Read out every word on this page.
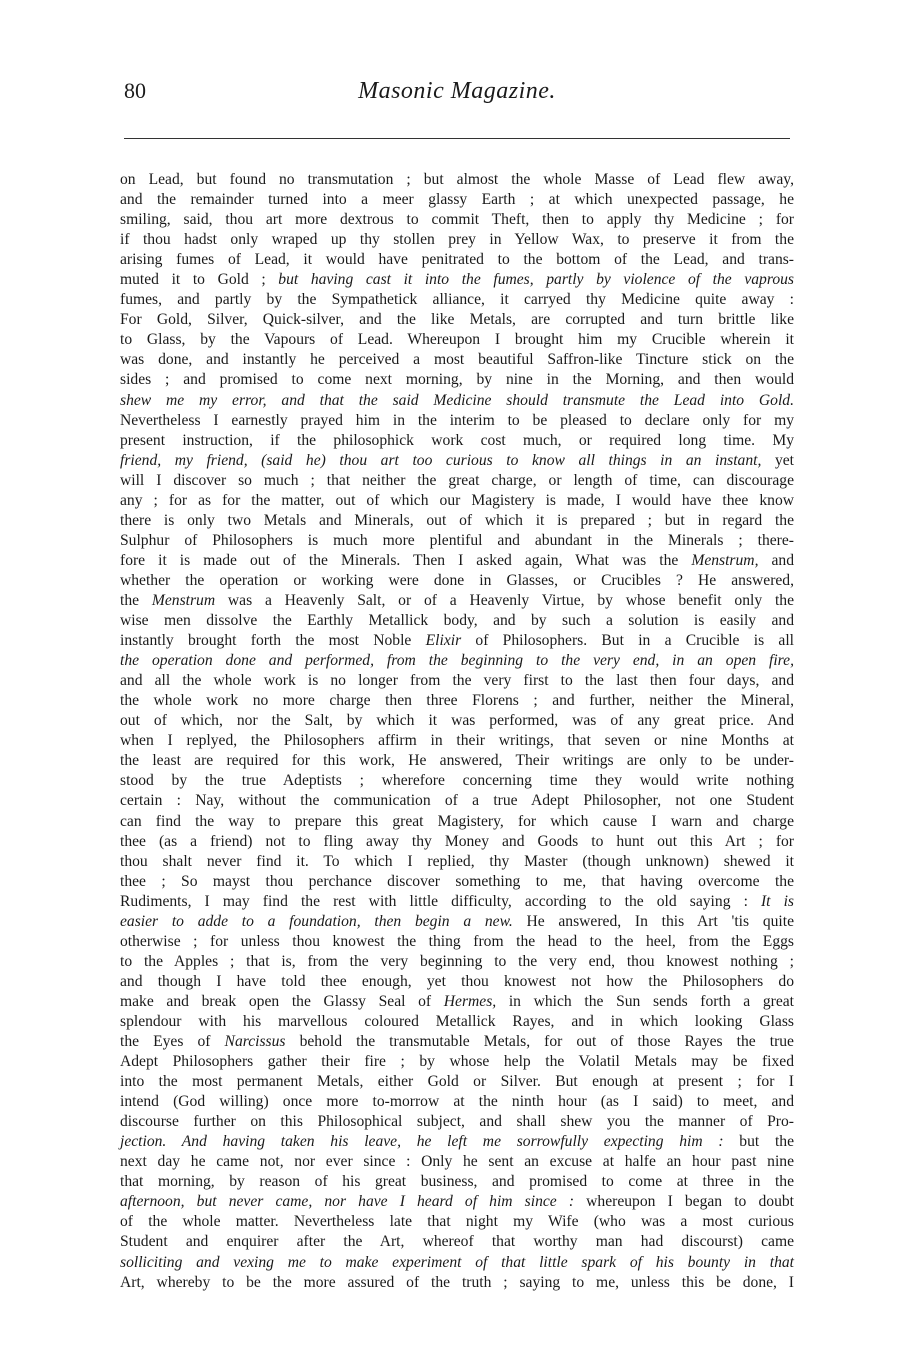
80	Masonic Magazine.
on Lead, but found no transmutation ; but almost the whole Masse of Lead flew away,
and the remainder turned into a meer glassy Earth ; at which unexpected passage, he
smiling, said, thou art more dextrous to commit Theft, then to apply thy Medicine ; for
if thou hadst only wraped up thy stollen prey in Yellow Wax, to preserve it from the
arising fumes of Lead, it would have penitrated to the bottom of the Lead, and trans-
muted it to Gold ; but having cast it into the fumes, partly by violence of the vaprous
fumes, and partly by the Sympathetick alliance, it carryed thy Medicine quite away :
For Gold, Silver, Quick-silver, and the like Metals, are corrupted and turn brittle like
to Glass, by the Vapours of Lead. Whereupon I brought him my Crucible wherein it
was done, and instantly he perceived a most beautiful Saffron-like Tincture stick on the
sides ; and promised to come next morning, by nine in the Morning, and then would
shew me my error, and that the said Medicine should transmute the Lead into Gold.
Nevertheless I earnestly prayed him in the interim to be pleased to declare only for my
present instruction, if the philosophick work cost much, or required long time. My
friend, my friend, (said he) thou art too curious to know all things in an instant, yet
will I discover so much ; that neither the great charge, or length of time, can discourage
any ; for as for the matter, out of which our Magistery is made, I would have thee know
there is only two Metals and Minerals, out of which it is prepared ; but in regard the
Sulphur of Philosophers is much more plentiful and abundant in the Minerals ; there-
fore it is made out of the Minerals. Then I asked again, What was the Menstrum, and
whether the operation or working were done in Glasses, or Crucibles ? He answered,
the Menstrum was a Heavenly Salt, or of a Heavenly Virtue, by whose benefit only the
wise men dissolve the Earthly Metallick body, and by such a solution is easily and
instantly brought forth the most Noble Elixir of Philosophers. But in a Crucible is all
the operation done and performed, from the beginning to the very end, in an open fire,
and all the whole work is no longer from the very first to the last then four days, and
the whole work no more charge then three Florens ; and further, neither the Mineral,
out of which, nor the Salt, by which it was performed, was of any great price. And
when I replyed, the Philosophers affirm in their writings, that seven or nine Months at
the least are required for this work, He answered, Their writings are only to be under-
stood by the true Adeptists ; wherefore concerning time they would write nothing
certain : Nay, without the communication of a true Adept Philosopher, not one Student
can find the way to prepare this great Magistery, for which cause I warn and charge
thee (as a friend) not to fling away thy Money and Goods to hunt out this Art ; for
thou shalt never find it. To which I replied, thy Master (though unknown) shewed it
thee ; So mayst thou perchance discover something to me, that having overcome the
Rudiments, I may find the rest with little difficulty, according to the old saying : It is
easier to adde to a foundation, then begin a new. He answered, In this Art 'tis quite
otherwise ; for unless thou knowest the thing from the head to the heel, from the Eggs
to the Apples ; that is, from the very beginning to the very end, thou knowest nothing ;
and though I have told thee enough, yet thou knowest not how the Philosophers do
make and break open the Glassy Seal of Hermes, in which the Sun sends forth a great
splendour with his marvellous coloured Metallick Rayes, and in which looking Glass
the Eyes of Narcissus behold the transmutable Metals, for out of those Rayes the true
Adept Philosophers gather their fire ; by whose help the Volatil Metals may be fixed
into the most permanent Metals, either Gold or Silver. But enough at present ; for I
intend (God willing) once more to-morrow at the ninth hour (as I said) to meet, and
discourse further on this Philosophical subject, and shall shew you the manner of Pro-
jection. And having taken his leave, he left me sorrowfully expecting him : but the
next day he came not, nor ever since : Only he sent an excuse at halfe an hour past nine
that morning, by reason of his great business, and promised to come at three in the
afternoon, but never came, nor have I heard of him since : whereupon I began to doubt
of the whole matter. Nevertheless late that night my Wife (who was a most curious
Student and enquirer after the Art, whereof that worthy man had discourst) came
solliciting and vexing me to make experiment of that little spark of his bounty in that
Art, whereby to be the more assured of the truth ; saying to me, unless this be done, I
